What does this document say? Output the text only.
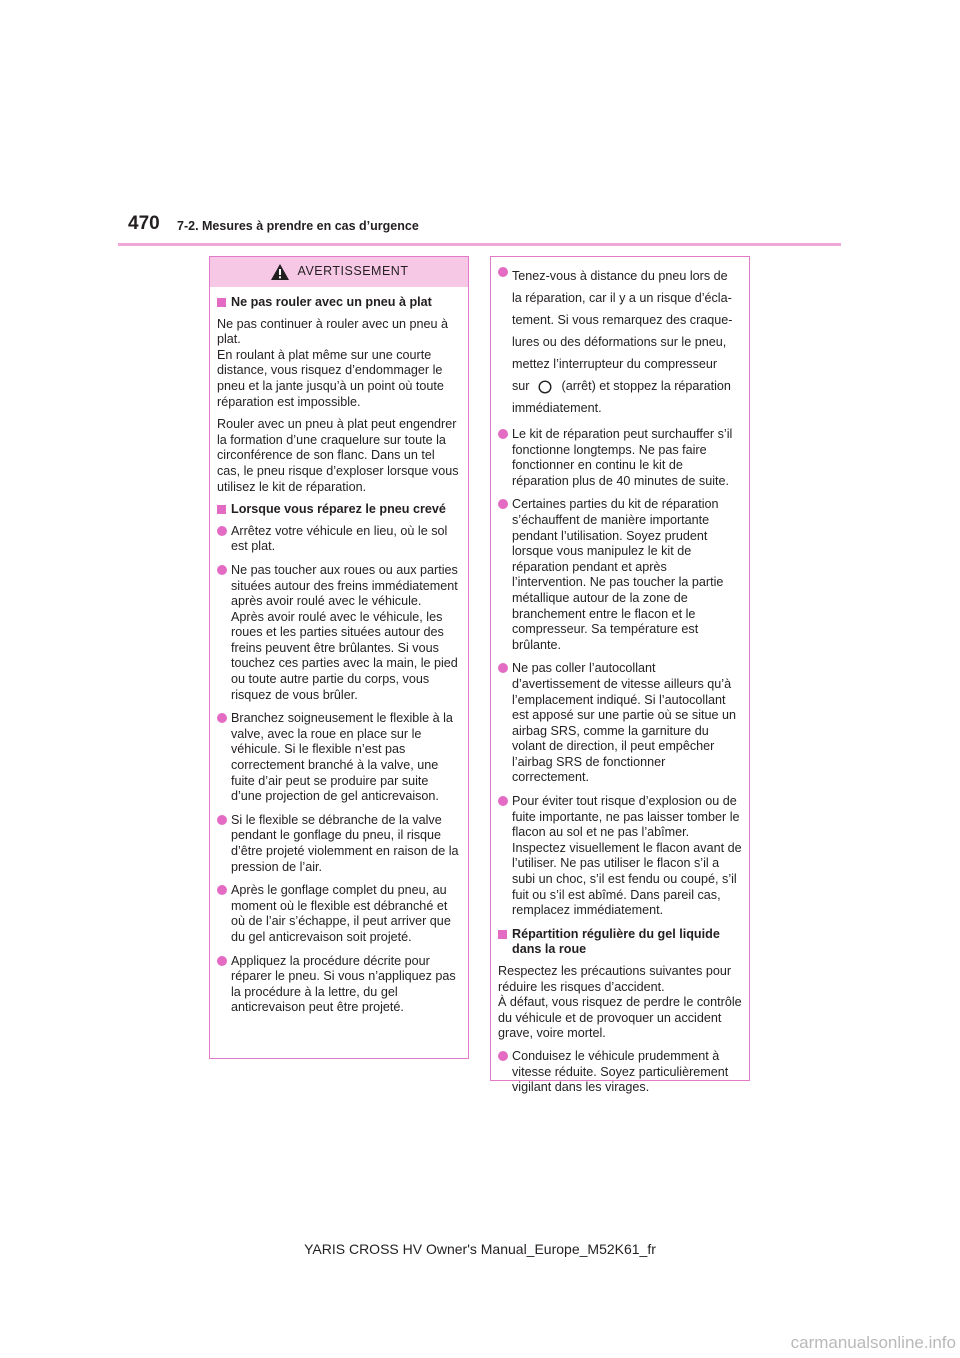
470 7-2. Mesures à prendre en cas d’urgence
AVERTISSEMENT
Ne pas rouler avec un pneu à plat
Ne pas continuer à rouler avec un pneu à plat.
En roulant à plat même sur une courte distance, vous risquez d’endommager le pneu et la jante jusqu’à un point où toute réparation est impossible.
Rouler avec un pneu à plat peut engendrer la formation d’une craquelure sur toute la circonférence de son flanc. Dans un tel cas, le pneu risque d’exploser lorsque vous utilisez le kit de réparation.
Lorsque vous réparez le pneu crevé
Arrêtez votre véhicule en lieu, où le sol est plat.
Ne pas toucher aux roues ou aux parties situées autour des freins immédiatement après avoir roulé avec le véhicule.
Après avoir roulé avec le véhicule, les roues et les parties situées autour des freins peuvent être brûlantes. Si vous touchez ces parties avec la main, le pied ou toute autre partie du corps, vous risquez de vous brûler.
Branchez soigneusement le flexible à la valve, avec la roue en place sur le véhicule. Si le flexible n’est pas correctement branché à la valve, une fuite d’air peut se produire par suite d’une projection de gel anticrevaison.
Si le flexible se débranche de la valve pendant le gonflage du pneu, il risque d’être projeté violemment en raison de la pression de l’air.
Après le gonflage complet du pneu, au moment où le flexible est débranché et où de l’air s’échappe, il peut arriver que du gel anticrevaison soit projeté.
Appliquez la procédure décrite pour réparer le pneu. Si vous n’appliquez pas la procédure à la lettre, du gel anticrevaison peut être projeté.
Tenez-vous à distance du pneu lors de
la réparation, car il y a un risque d’écla-
tement. Si vous remarquez des craque-
lures ou des déformations sur le pneu,
mettez l’interrupteur du compresseur
sur	(arrêt) et stoppez la réparation
immédiatement.
Le kit de réparation peut surchauffer s’il fonctionne longtemps. Ne pas faire fonctionner en continu le kit de réparation plus de 40 minutes de suite.
Certaines parties du kit de réparation s’échauffent de manière importante pendant l’utilisation. Soyez prudent lorsque vous manipulez le kit de réparation pendant et après l’intervention. Ne pas toucher la partie métallique autour de la zone de branchement entre le flacon et le compresseur. Sa température est brûlante.
Ne pas coller l’autocollant d’avertissement de vitesse ailleurs qu’à l’emplacement indiqué. Si l’autocollant est apposé sur une partie où se situe un airbag SRS, comme la garniture du volant de direction, il peut empêcher l’airbag SRS de fonctionner correctement.
Pour éviter tout risque d’explosion ou de fuite importante, ne pas laisser tomber le flacon au sol et ne pas l’abîmer. Inspectez visuellement le flacon avant de l’utiliser. Ne pas utiliser le flacon s’il a subi un choc, s’il est fendu ou coupé, s’il fuit ou s’il est abîmé. Dans pareil cas, remplacez immédiatement.
Répartition régulière du gel liquide dans la roue
Respectez les précautions suivantes pour réduire les risques d’accident.
À défaut, vous risquez de perdre le contrôle du véhicule et de provoquer un accident grave, voire mortel.
Conduisez le véhicule prudemment à vitesse réduite. Soyez particulièrement vigilant dans les virages.
YARIS CROSS HV Owner's Manual_Europe_M52K61_fr
carmanualsonline.info
